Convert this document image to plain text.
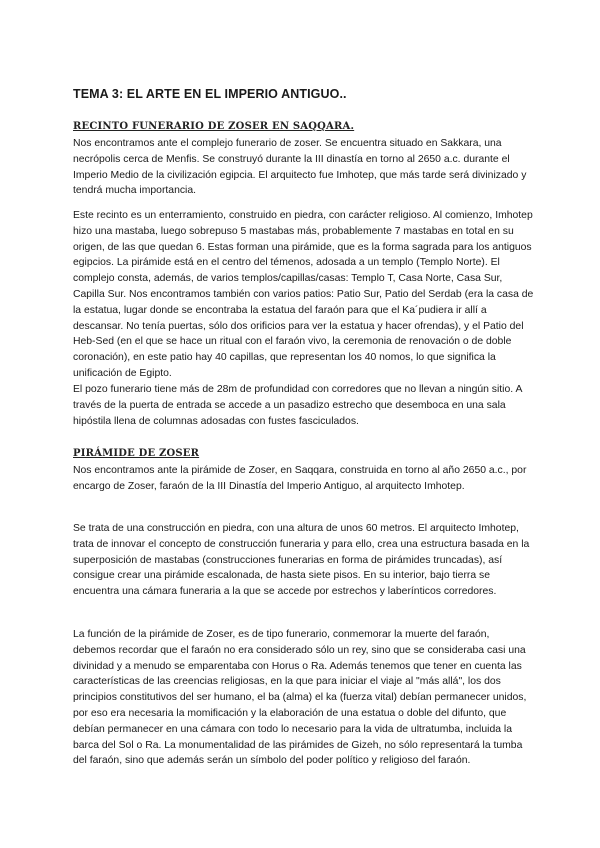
TEMA 3: EL ARTE EN EL IMPERIO ANTIGUO..
RECINTO FUNERARIO DE ZOSER EN SAQQARA.

Nos encontramos ante el complejo funerario de zoser. Se encuentra situado en Sakkara, una necrópolis cerca de Menfis. Se construyó durante la III dinastía en torno al 2650 a.c. durante el Imperio Medio de la civilización egipcia. El arquitecto fue Imhotep, que más tarde será divinizado y tendrá mucha importancia.

Este recinto es un enterramiento, construido en piedra, con carácter religioso. Al comienzo, Imhotep hizo una mastaba, luego sobrepuso 5 mastabas más, probablemente 7 mastabas en total en su origen, de las que quedan 6. Estas forman una pirámide, que es la forma sagrada para los antiguos egipcios. La pirámide está en el centro del témenos, adosada a un templo (Templo Norte). El complejo consta, además, de varios templos/capillas/casas: Templo T, Casa Norte, Casa Sur, Capilla Sur. Nos encontramos también con varios patios: Patio Sur, Patio del Serdab (era la casa de la estatua, lugar donde se encontraba la estatua del faraón para que el Ka´pudiera ir allí a descansar. No tenía puertas, sólo dos orificios para ver la estatua y hacer ofrendas), y el Patio del Heb-Sed (en el que se hace un ritual con el faraón vivo, la ceremonia de renovación o de doble coronación), en este patio hay 40 capillas, que representan los 40 nomos, lo que significa la unificación de Egipto.

El pozo funerario tiene más de 28m de profundidad con corredores que no llevan a ningún sitio. A través de la puerta de entrada se accede a un pasadizo estrecho que desemboca en una sala hipóstila llena de columnas adosadas con fustes fasciculados.

PIRÁMIDE DE ZOSER

Nos encontramos ante la pirámide de Zoser, en Saqqara, construida en torno al año 2650 a.c., por encargo de Zoser, faraón de la III Dinastía del Imperio Antiguo, al arquitecto Imhotep.

Se trata de una construcción en piedra, con una altura de unos 60 metros. El arquitecto Imhotep, trata de innovar el concepto de construcción funeraria y para ello, crea una estructura basada en la superposición de mastabas (construcciones funerarias en forma de pirámides truncadas), así consigue crear una pirámide escalonada, de hasta siete pisos. En su interior, bajo tierra se encuentra una cámara funeraria a la que se accede por estrechos y laberínticos corredores.

La función de la pirámide de Zoser, es de tipo funerario, conmemorar la muerte del faraón, debemos recordar que el faraón no era considerado sólo un rey, sino que se consideraba casi una divinidad y a menudo se emparentaba con Horus o Ra. Además tenemos que tener en cuenta las características de las creencias religiosas, en la que para iniciar el viaje al "más allá", los dos principios constitutivos del ser humano, el ba (alma) el ka (fuerza vital) debían permanecer unidos, por eso era necesaria la momificación y la elaboración de una estatua o doble del difunto, que debían permanecer en una cámara con todo lo necesario para la vida de ultratumba, incluida la barca del Sol o Ra. La monumentalidad de las pirámides de Gizeh, no sólo representará la tumba del faraón, sino que además serán un símbolo del poder político y religioso del faraón.
